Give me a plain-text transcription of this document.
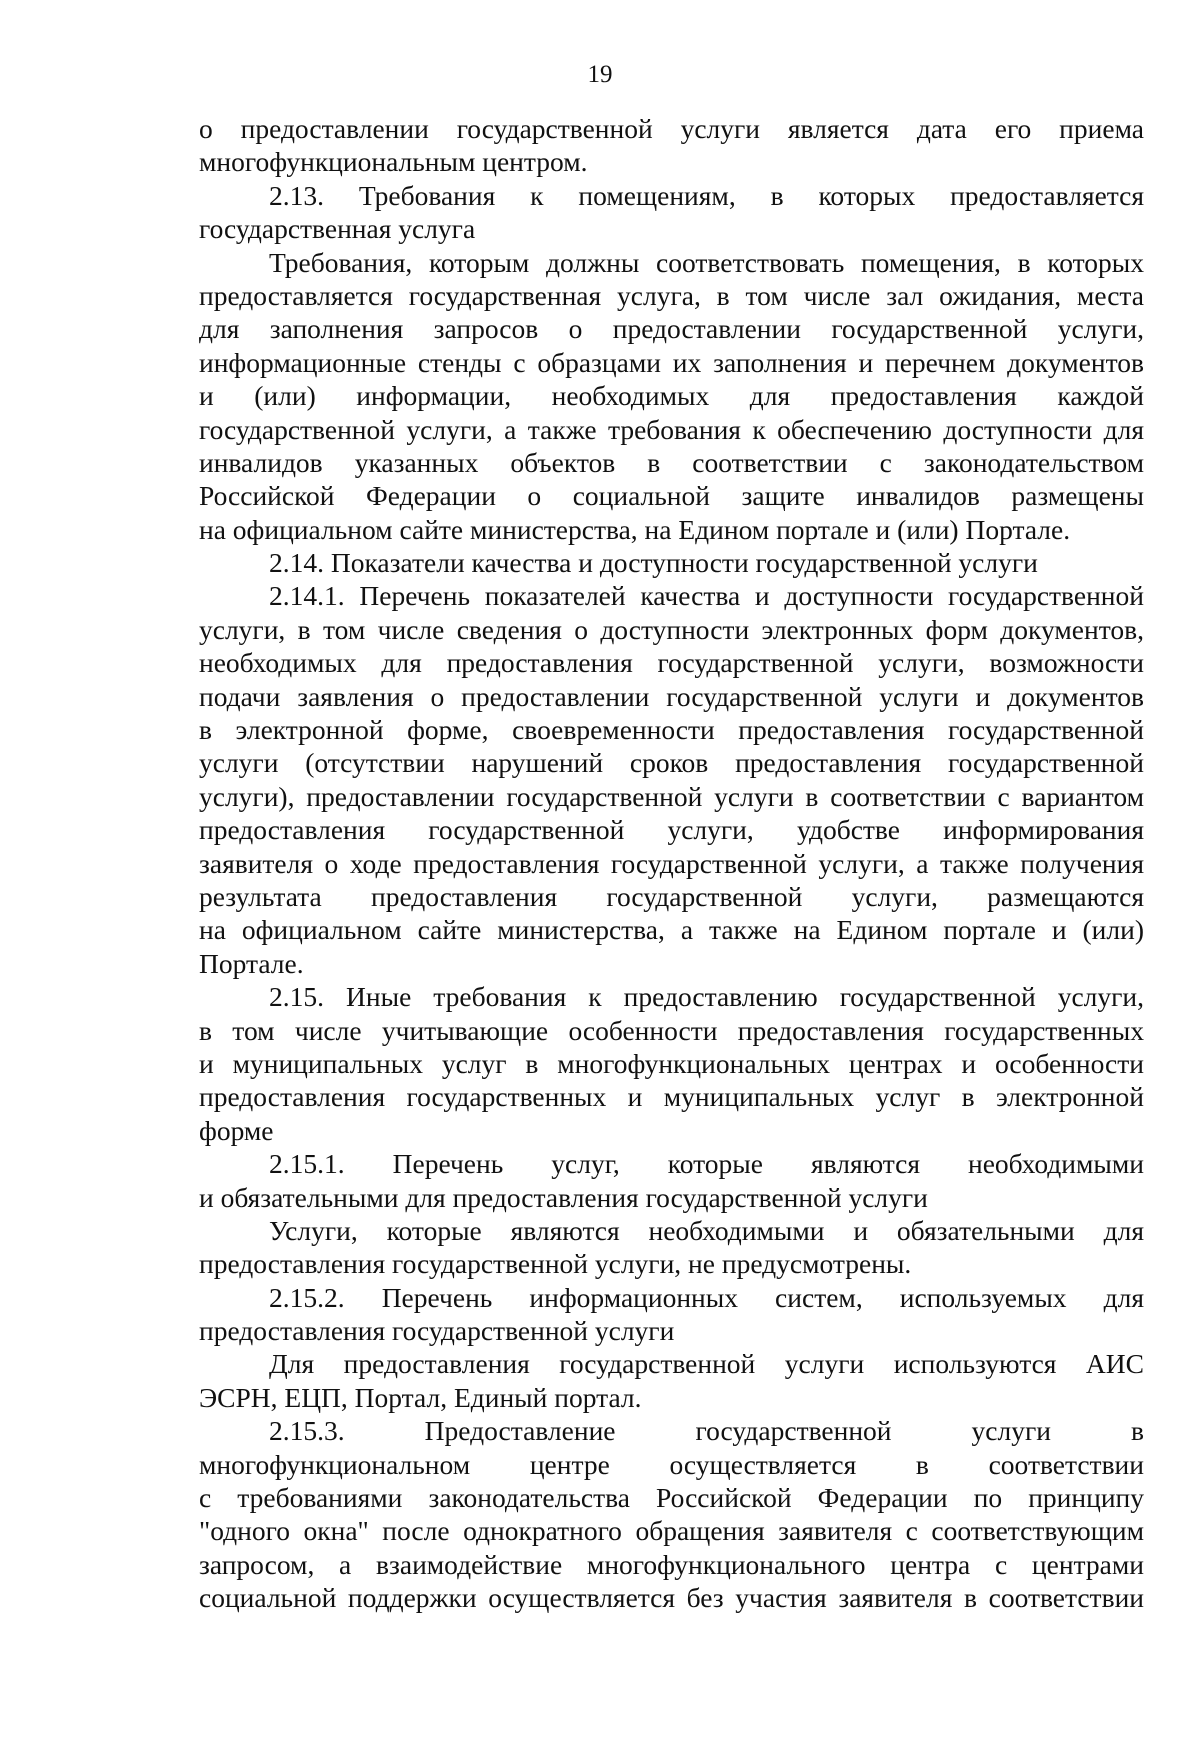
19
о предоставлении государственной услуги является дата его приема
многофункциональным центром.
2.13. Требования к помещениям, в которых предоставляется
государственная услуга
Требования, которым должны соответствовать помещения, в которых
предоставляется государственная услуга, в том числе зал ожидания, места
для заполнения запросов о предоставлении государственной услуги,
информационные стенды с образцами их заполнения и перечнем документов
и (или) информации, необходимых для предоставления каждой
государственной услуги, а также требования к обеспечению доступности для
инвалидов указанных объектов в соответствии с законодательством
Российской Федерации о социальной защите инвалидов размещены
на официальном сайте министерства, на Едином портале и (или) Портале.
2.14. Показатели качества и доступности государственной услуги
2.14.1. Перечень показателей качества и доступности государственной
услуги, в том числе сведения о доступности электронных форм документов,
необходимых для предоставления государственной услуги, возможности
подачи заявления о предоставлении государственной услуги и документов
в электронной форме, своевременности предоставления государственной
услуги (отсутствии нарушений сроков предоставления государственной
услуги), предоставлении государственной услуги в соответствии с вариантом
предоставления государственной услуги, удобстве информирования
заявителя о ходе предоставления государственной услуги, а также получения
результата предоставления государственной услуги, размещаются
на официальном сайте министерства, а также на Едином портале и (или)
Портале.
2.15. Иные требования к предоставлению государственной услуги,
в том числе учитывающие особенности предоставления государственных
и муниципальных услуг в многофункциональных центрах и особенности
предоставления государственных и муниципальных услуг в электронной
форме
2.15.1. Перечень услуг, которые являются необходимыми
и обязательными для предоставления государственной услуги
Услуги, которые являются необходимыми и обязательными для
предоставления государственной услуги, не предусмотрены.
2.15.2. Перечень информационных систем, используемых для
предоставления государственной услуги
Для предоставления государственной услуги используются АИС
ЭСРН, ЕЦП, Портал, Единый портал.
2.15.3. Предоставление государственной услуги в
многофункциональном центре осуществляется в соответствии
с требованиями законодательства Российской Федерации по принципу
"одного окна" после однократного обращения заявителя с соответствующим
запросом, а взаимодействие многофункционального центра с центрами
социальной поддержки осуществляется без участия заявителя в соответствии
